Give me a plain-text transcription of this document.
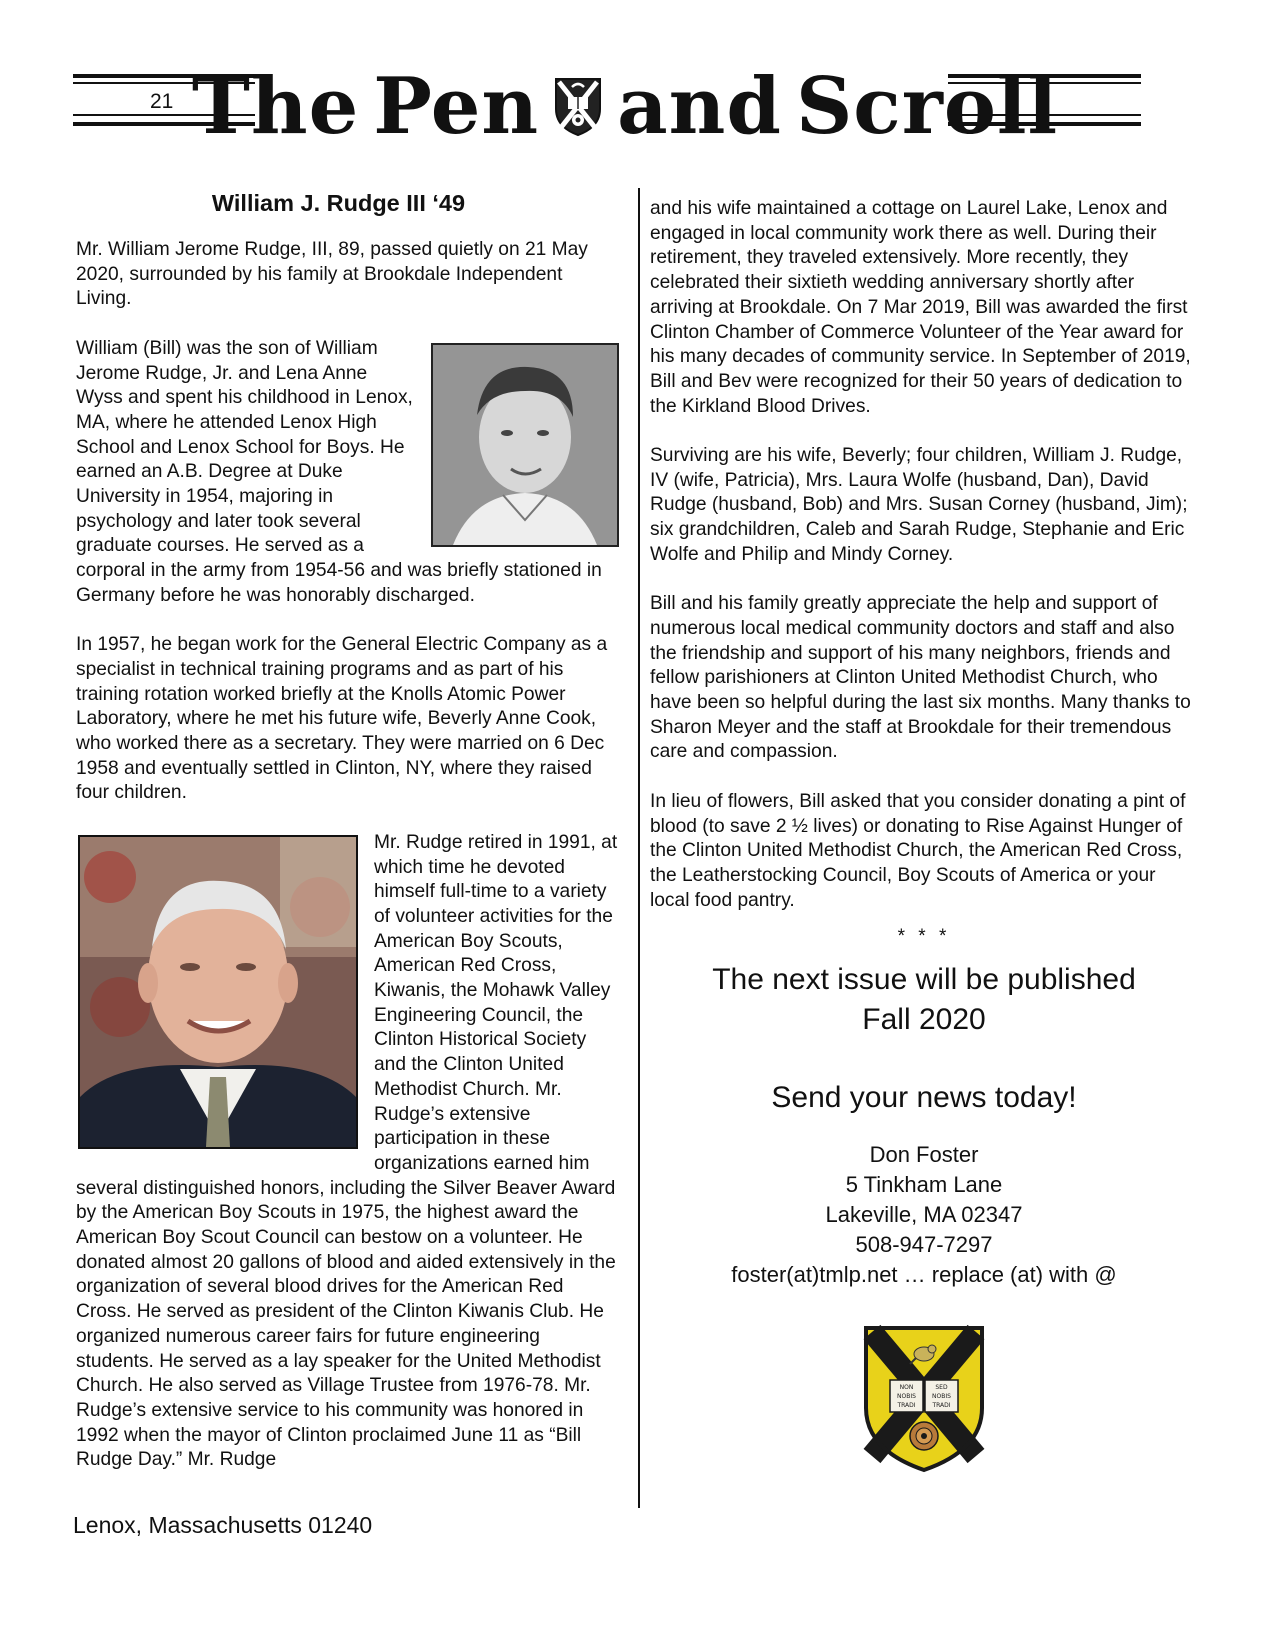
21 The Pen and Scroll
William J. Rudge III ‘49

Mr. William Jerome Rudge, III, 89, passed quietly on 21 May 2020, surrounded by his family at Brookdale Independent Living.

William (Bill) was the son of William Jerome Rudge, Jr. and Lena Anne Wyss and spent his childhood in Lenox, MA, where he attended Lenox High School and Lenox School for Boys. He earned an A.B. Degree at Duke University in 1954, majoring in psychology and later took several graduate courses. He served as a corporal in the army from 1954-56 and was briefly stationed in Germany before he was honorably discharged.

In 1957, he began work for the General Electric Company as a specialist in technical training programs and as part of his training rotation worked briefly at the Knolls Atomic Power Laboratory, where he met his future wife, Beverly Anne Cook, who worked there as a secretary. They were married on 6 Dec 1958 and eventually settled in Clinton, NY, where they raised four children.

Mr. Rudge retired in 1991, at which time he devoted himself full-time to a variety of volunteer activities for the American Boy Scouts, American Red Cross, Kiwanis, the Mohawk Valley Engineering Council, the Clinton Historical Society and the Clinton United Methodist Church. Mr. Rudge’s extensive participation in these organizations earned him several distinguished honors, including the Silver Beaver Award by the American Boy Scouts in 1975, the highest award the American Boy Scout Council can bestow on a volunteer. He donated almost 20 gallons of blood and aided extensively in the organization of several blood drives for the American Red Cross. He served as president of the Clinton Kiwanis Club. He organized numerous career fairs for future engineering students. He served as a lay speaker for the United Methodist Church. He also served as Village Trustee from 1976-78. Mr. Rudge’s extensive service to his community was honored in 1992 when the mayor of Clinton proclaimed June 11 as “Bill Rudge Day.” Mr. Rudge

and his wife maintained a cottage on Laurel Lake, Lenox and engaged in local community work there as well. During their retirement, they traveled extensively. More recently, they celebrated their sixtieth wedding anniversary shortly after arriving at Brookdale. On 7 Mar 2019, Bill was awarded the first Clinton Chamber of Commerce Volunteer of the Year award for his many decades of community service. In September of 2019, Bill and Bev were recognized for their 50 years of dedication to the Kirkland Blood Drives.

Surviving are his wife, Beverly; four children, William J. Rudge, IV (wife, Patricia), Mrs. Laura Wolfe (husband, Dan), David Rudge (husband, Bob) and Mrs. Susan Corney (husband, Jim); six grandchildren, Caleb and Sarah Rudge, Stephanie and Eric Wolfe and Philip and Mindy Corney.

Bill and his family greatly appreciate the help and support of numerous local medical community doctors and staff and also the friendship and support of his many neighbors, friends and fellow parishioners at Clinton United Methodist Church, who have been so helpful during the last six months. Many thanks to Sharon Meyer and the staff at Brookdale for their tremendous care and compassion.

In lieu of flowers, Bill asked that you consider donating a pint of blood (to save 2 ½ lives) or donating to Rise Against Hunger of the Clinton United Methodist Church, the American Red Cross, the Leatherstocking Council, Boy Scouts of America or your local food pantry.

* * *
The next issue will be published
Fall 2020
Send your news today!
Don Foster
5 Tinkham Lane
Lakeville, MA 02347
508-947-7297
foster(at)tmlp.net … replace (at) with @
NON
NOBIS
TRADI
SED
NOBIS
TRADI
Lenox, Massachusetts 01240
